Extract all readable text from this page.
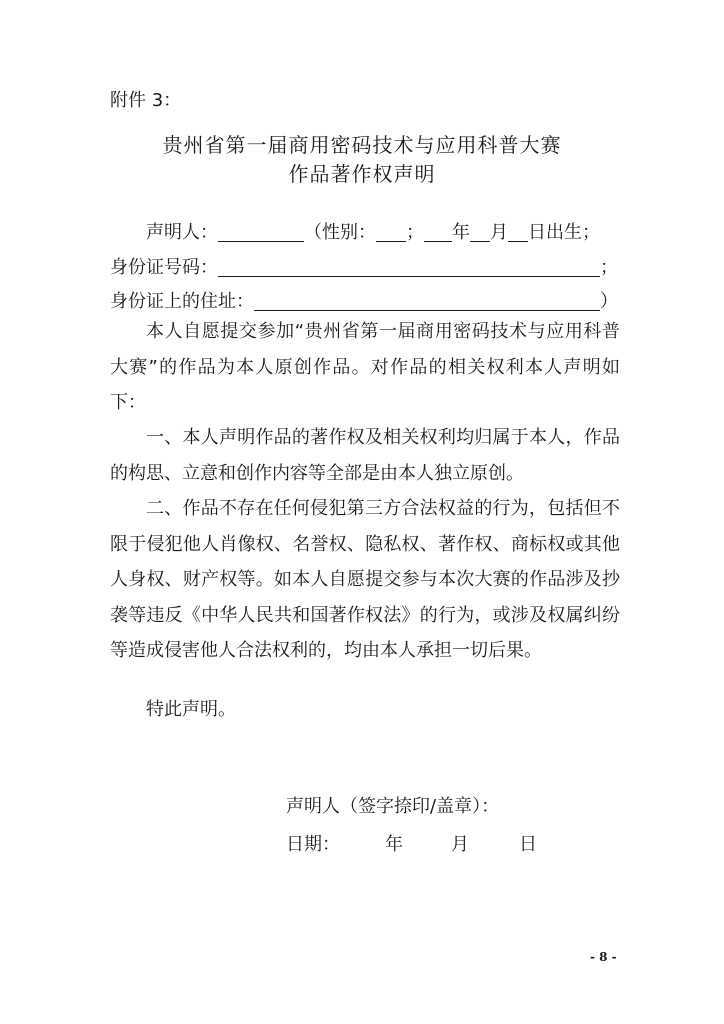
附件 3：
贵州省第一届商用密码技术与应用科普大赛
作品著作权声明
声明人：	（性别： ； 年 月 日出生；
身份证号码：	；
身份证上的住址：	）
本人自愿提交参加“贵州省第一届商用密码技术与应用科普大赛”的作品为本人原创作品。对作品的相关权利本人声明如下：
一、本人声明作品的著作权及相关权利均归属于本人，作品的构思、立意和创作内容等全部是由本人独立原创。
二、作品不存在任何侵犯第三方合法权益的行为，包括但不限于侵犯他人肖像权、名誉权、隐私权、著作权、商标权或其他人身权、财产权等。如本人自愿提交参与本次大赛的作品涉及抄袭等违反《中华人民共和国著作权法》的行为，或涉及权属纠纷等造成侵害他人合法权利的，均由本人承担一切后果。
特此声明。
声明人（签字捺印/盖章）：
日期：	年	月	日
- 8 -
